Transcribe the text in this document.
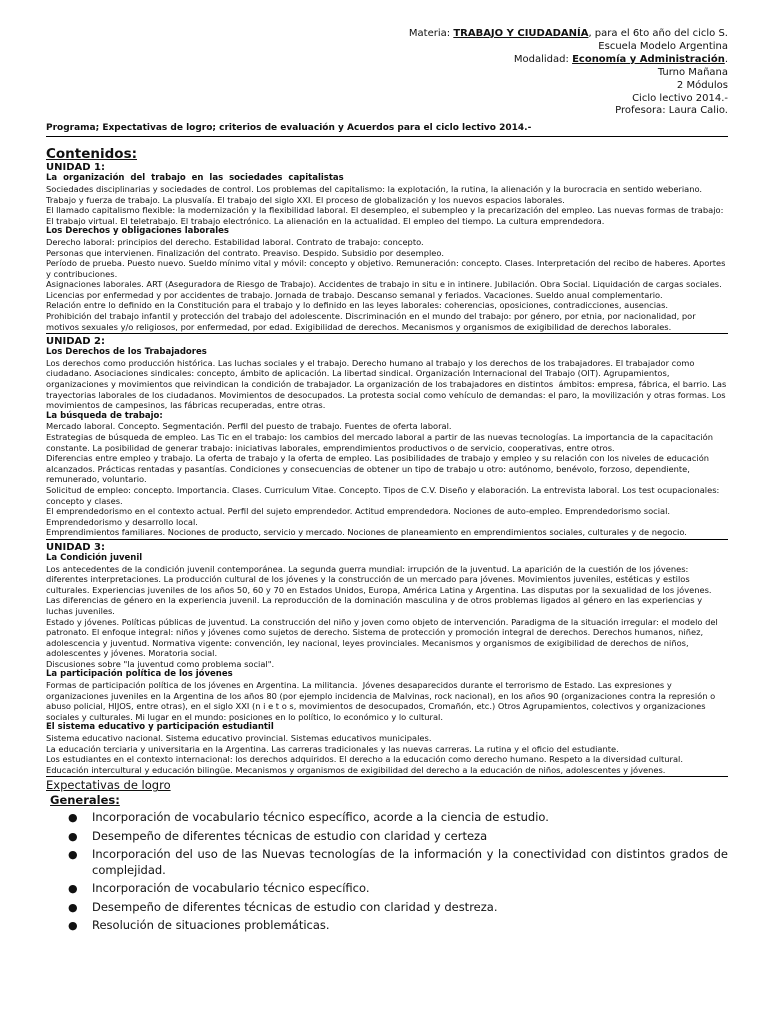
Materia: TRABAJO Y CIUDADANÍA, para el 6to año del ciclo S.
Escuela Modelo Argentina
Modalidad: Economía y Administración.
Turno Mañana
2 Módulos
Ciclo lectivo 2014.-
Profesora: Laura Calio.
Programa; Expectativas de logro; criterios de evaluación y Acuerdos para el ciclo lectivo 2014.-
Contenidos:
UNIDAD 1:
La organización del trabajo en las sociedades capitalistas
Sociedades disciplinarias y sociedades de control. Los problemas del capitalismo: la explotación, la rutina, la alienación y la burocracia en sentido weberiano. Trabajo y fuerza de trabajo. La plusvalía. El trabajo del siglo XXI. El proceso de globalización y los nuevos espacios laborales.
El llamado capitalismo flexible: la modernización y la flexibilidad laboral. El desempleo, el subempleo y la precarización del empleo. Las nuevas formas de trabajo: El trabajo virtual. El teletrabajo. El trabajo electrónico. La alienación en la actualidad. El empleo del tiempo. La cultura emprendedora.
Los Derechos y obligaciones laborales
Derecho laboral: principios del derecho. Estabilidad laboral. Contrato de trabajo: concepto.
Personas que intervienen. Finalización del contrato. Preaviso. Despido. Subsidio por desempleo.
Período de prueba. Puesto nuevo. Sueldo mínimo vital y móvil: concepto y objetivo. Remuneración: concepto. Clases. Interpretación del recibo de haberes. Aportes y contribuciones.
Asignaciones laborales. ART (Aseguradora de Riesgo de Trabajo). Accidentes de trabajo in situ e in intinere. Jubilación. Obra Social. Liquidación de cargas sociales. Licencias por enfermedad y por accidentes de trabajo. Jornada de trabajo. Descanso semanal y feriados. Vacaciones. Sueldo anual complementario.
Relación entre lo definido en la Constitución para el trabajo y lo definido en las leyes laborales: coherencias, oposiciones, contradicciones, ausencias.
Prohibición del trabajo infantil y protección del trabajo del adolescente. Discriminación en el mundo del trabajo: por género, por etnia, por nacionalidad, por motivos sexuales y/o religiosos, por enfermedad, por edad. Exigibilidad de derechos. Mecanismos y organismos de exigibilidad de derechos laborales.
UNIDAD 2:
Los Derechos de los Trabajadores
Los derechos como producción histórica. Las luchas sociales y el trabajo. Derecho humano al trabajo y los derechos de los trabajadores. El trabajador como ciudadano. Asociaciones sindicales: concepto, ámbito de aplicación. La libertad sindical. Organización Internacional del Trabajo (OIT). Agrupamientos, organizaciones y movimientos que reivindican la condición de trabajador. La organización de los trabajadores en distintos  ámbitos: empresa, fábrica, el barrio. Las trayectorias laborales de los ciudadanos. Movimientos de desocupados. La protesta social como vehículo de demandas: el paro, la movilización y otras formas. Los movimientos de campesinos, las fábricas recuperadas, entre otras.
La búsqueda de trabajo:
Mercado laboral. Concepto. Segmentación. Perfil del puesto de trabajo. Fuentes de oferta laboral.
Estrategias de búsqueda de empleo. Las Tic en el trabajo: los cambios del mercado laboral a partir de las nuevas tecnologías. La importancia de la capacitación constante. La posibilidad de generar trabajo: iniciativas laborales, emprendimientos productivos o de servicio, cooperativas, entre otros.
Diferencias entre empleo y trabajo. La oferta de trabajo y la oferta de empleo. Las posibilidades de trabajo y empleo y su relación con los niveles de educación alcanzados. Prácticas rentadas y pasantías. Condiciones y consecuencias de obtener un tipo de trabajo u otro: autónomo, benévolo, forzoso, dependiente, remunerado, voluntario.
Solicitud de empleo: concepto. Importancia. Clases. Curriculum Vitae. Concepto. Tipos de C.V. Diseño y elaboración. La entrevista laboral. Los test ocupacionales: concepto y clases.
El emprendedorismo en el contexto actual. Perfil del sujeto emprendedor. Actitud emprendedora. Nociones de auto-empleo. Emprendedorismo social. Emprendedorismo y desarrollo local.
Emprendimientos familiares. Nociones de producto, servicio y mercado. Nociones de planeamiento en emprendimientos sociales, culturales y de negocio.
UNIDAD 3:
La Condición juvenil
Los antecedentes de la condición juvenil contemporánea. La segunda guerra mundial: irrupción de la juventud. La aparición de la cuestión de los jóvenes: diferentes interpretaciones. La producción cultural de los jóvenes y la construcción de un mercado para jóvenes. Movimientos juveniles, estéticas y estilos culturales. Experiencias juveniles de los años 50, 60 y 70 en Estados Unidos, Europa, América Latina y Argentina. Las disputas por la sexualidad de los jóvenes. Las diferencias de género en la experiencia juvenil. La reproducción de la dominación masculina y de otros problemas ligados al género en las experiencias y luchas juveniles.
Estado y jóvenes. Políticas públicas de juventud. La construcción del niño y joven como objeto de intervención. Paradigma de la situación irregular: el modelo del patronato. El enfoque integral: niños y jóvenes como sujetos de derecho. Sistema de protección y promoción integral de derechos. Derechos humanos, niñez, adolescencia y juventud. Normativa vigente: convención, ley nacional, leyes provinciales. Mecanismos y organismos de exigibilidad de derechos de niños, adolescentes y jóvenes. Moratoria social.
Discusiones sobre "la juventud como problema social".
La participación política de los jóvenes
Formas de participación política de los jóvenes en Argentina. La militancia.  Jóvenes desaparecidos durante el terrorismo de Estado. Las expresiones y organizaciones juveniles en la Argentina de los años 80 (por ejemplo incidencia de Malvinas, rock nacional), en los años 90 (organizaciones contra la represión o abuso policial, HIJOS, entre otras), en el siglo XXI (n i e t o s, movimientos de desocupados, Cromañón, etc.) Otros Agrupamientos, colectivos y organizaciones sociales y culturales. Mi lugar en el mundo: posiciones en lo político, lo económico y lo cultural.
El sistema educativo y participación estudiantil
Sistema educativo nacional. Sistema educativo provincial. Sistemas educativos municipales.
La educación terciaria y universitaria en la Argentina. Las carreras tradicionales y las nuevas carreras. La rutina y el oficio del estudiante.
Los estudiantes en el contexto internacional: los derechos adquiridos. El derecho a la educación como derecho humano. Respeto a la diversidad cultural. Educación intercultural y educación bilingüe. Mecanismos y organismos de exigibilidad del derecho a la educación de niños, adolescentes y jóvenes.
Expectativas de logro
Generales:
● Incorporación de vocabulario técnico específico, acorde a la ciencia de estudio.
● Desempeño de diferentes técnicas de estudio con claridad y certeza
● Incorporación del uso de las Nuevas tecnologías de la información y la conectividad con distintos grados de complejidad.
● Incorporación de vocabulario técnico específico.
● Desempeño de diferentes técnicas de estudio con claridad y destreza.
● Resolución de situaciones problemáticas.
